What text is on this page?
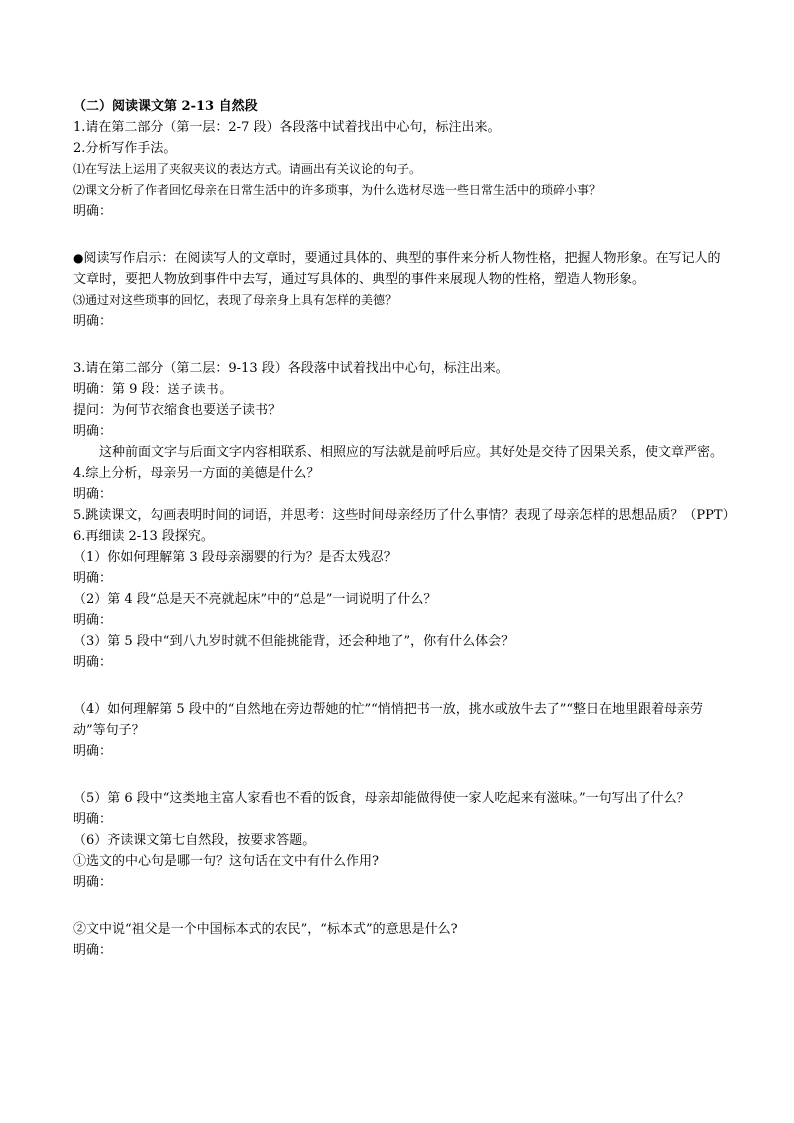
（二）阅读课文第 2-13 自然段
1.请在第二部分（第一层：2-7 段）各段落中试着找出中心句，标注出来。
2.分析写作手法。
⑴在写法上运用了夹叙夹议的表达方式。请画出有关议论的句子。
⑵课文分析了作者回忆母亲在日常生活中的许多琐事，为什么选材尽选一些日常生活中的琐碎小事？
明确：
●阅读写作启示：在阅读写人的文章时，要通过具体的、典型的事件来分析人物性格，把握人物形象。在写记人的文章时，要把人物放到事件中去写，通过写具体的、典型的事件来展现人物的性格，塑造人物形象。
⑶通过对这些琐事的回忆，表现了母亲身上具有怎样的美德？
明确：
3.请在第二部分（第二层：9-13 段）各段落中试着找出中心句，标注出来。
明确：第 9 段：送子读书。
提问：为何节衣缩食也要送子读书？
明确：
这种前面文字与后面文字内容相联系、相照应的写法就是前呼后应。其好处是交待了因果关系，使文章严密。
4.综上分析，母亲另一方面的美德是什么？
明确：
5.跳读课文，勾画表明时间的词语，并思考：这些时间母亲经历了什么事情？表现了母亲怎样的思想品质？（PPT）
6.再细读 2-13 段探究。
（1）你如何理解第 3 段母亲溺婴的行为？是否太残忍？
明确：
（2）第 4 段“总是天不亮就起床”中的“总是”一词说明了什么？
明确：
（3）第 5 段中“到八九岁时就不但能挑能背，还会种地了”，你有什么体会？
明确：
（4）如何理解第 5 段中的“自然地在旁边帮她的忙”“悄悄把书一放，挑水或放牛去了”“整日在地里跟着母亲劳动”等句子？
明确：
（5）第 6 段中“这类地主富人家看也不看的饭食，母亲却能做得使一家人吃起来有滋味。”一句写出了什么？
明确：
（6）齐读课文第七自然段，按要求答题。
①选文的中心句是哪一句？这句话在文中有什么作用?
明确：
②文中说“祖父是一个中国标本式的农民”，“标本式”的意思是什么?
明确：
